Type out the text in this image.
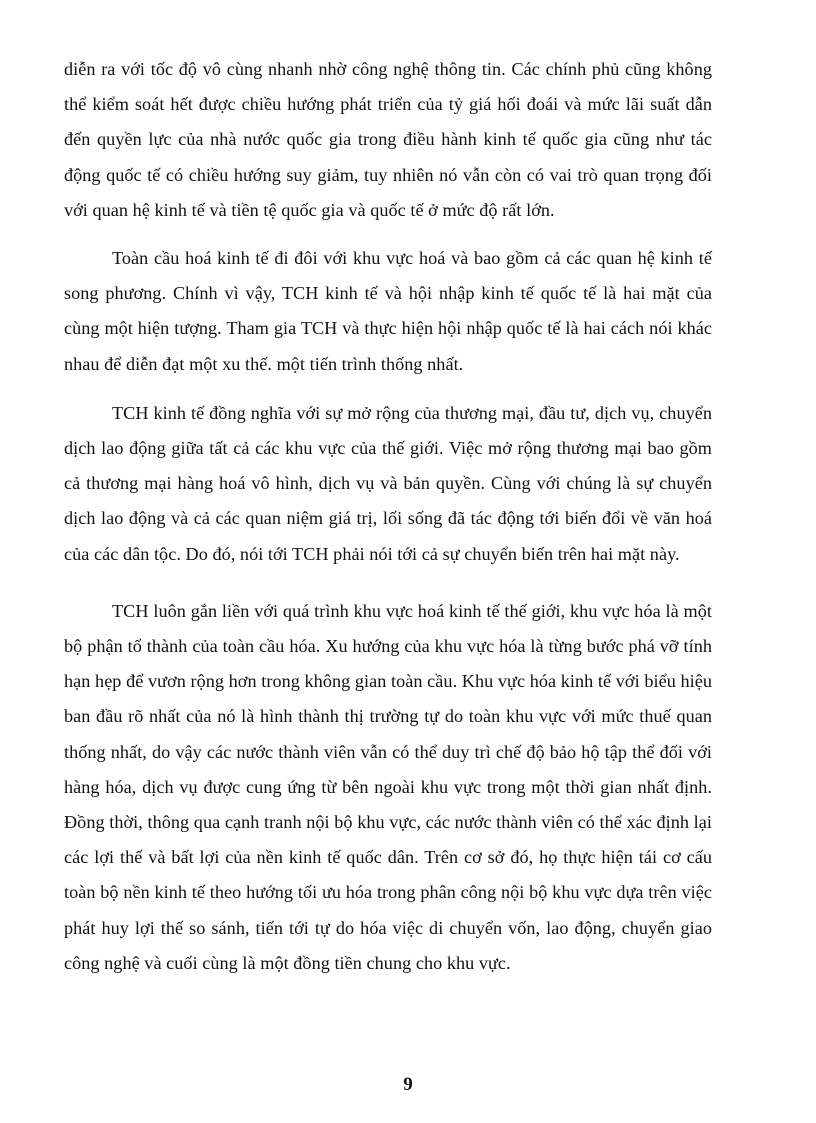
diễn ra với tốc độ vô cùng nhanh nhờ công nghệ thông tin. Các chính phủ cũng không thể kiểm soát hết được chiều hướng phát triển của tỷ giá hối đoái và mức lãi suất dẫn đến quyền lực của nhà nước quốc gia trong điều hành kinh tế quốc gia cũng như tác động quốc tế có chiều hướng suy giảm, tuy nhiên nó vẫn còn có vai trò quan trọng đối với quan hệ kinh tế và tiền tệ quốc gia và quốc tế ở mức độ rất lớn.

Toàn cầu hoá kinh tế đi đôi với khu vực hoá và bao gồm cả các quan hệ kinh tế song phương. Chính vì vậy, TCH kinh tế và hội nhập kinh tế quốc tế là hai mặt của cùng một hiện tượng. Tham gia TCH và thực hiện hội nhập quốc tế là hai cách nói khác nhau để diễn đạt một xu thế. một tiến trình thống nhất.

TCH kinh tế đồng nghĩa với sự mở rộng của thương mại, đầu tư, dịch vụ, chuyển dịch lao động giữa tất cả các khu vực của thế giới. Việc mở rộng thương mại bao gồm cả thương mại hàng hoá vô hình, dịch vụ và bản quyền. Cùng với chúng là sự chuyển dịch lao động và cả các quan niệm giá trị, lối sống đã tác động tới biến đổi về văn hoá của các dân tộc. Do đó, nói tới TCH phải nói tới cả sự chuyển biến trên hai mặt này.

TCH luôn gắn liền với quá trình khu vực hoá kinh tế thế giới, khu vực hóa là một bộ phận tổ thành của toàn cầu hóa. Xu hướng của khu vực hóa là từng bước phá vỡ tính hạn hẹp để vươn rộng hơn trong không gian toàn cầu. Khu vực hóa kinh tế với biểu hiệu ban đầu rõ nhất của nó là hình thành thị trường tự do toàn khu vực với mức thuế quan thống nhất, do vậy các nước thành viên vẫn có thể duy trì chế độ bảo hộ tập thể đối với hàng hóa, dịch vụ được cung ứng từ bên ngoài khu vực trong một thời gian nhất định. Đồng thời, thông qua cạnh tranh nội bộ khu vực, các nước thành viên có thể xác định lại các lợi thế và bất lợi của nền kinh tế quốc dân. Trên cơ sở đó, họ thực hiện tái cơ cấu toàn bộ nền kinh tế theo hướng tối ưu hóa trong phân công nội bộ khu vực dựa trên việc phát huy lợi thế so sánh, tiến tới tự do hóa việc di chuyển vốn, lao động, chuyển giao công nghệ và cuối cùng là một đồng tiền chung cho khu vực.

9
